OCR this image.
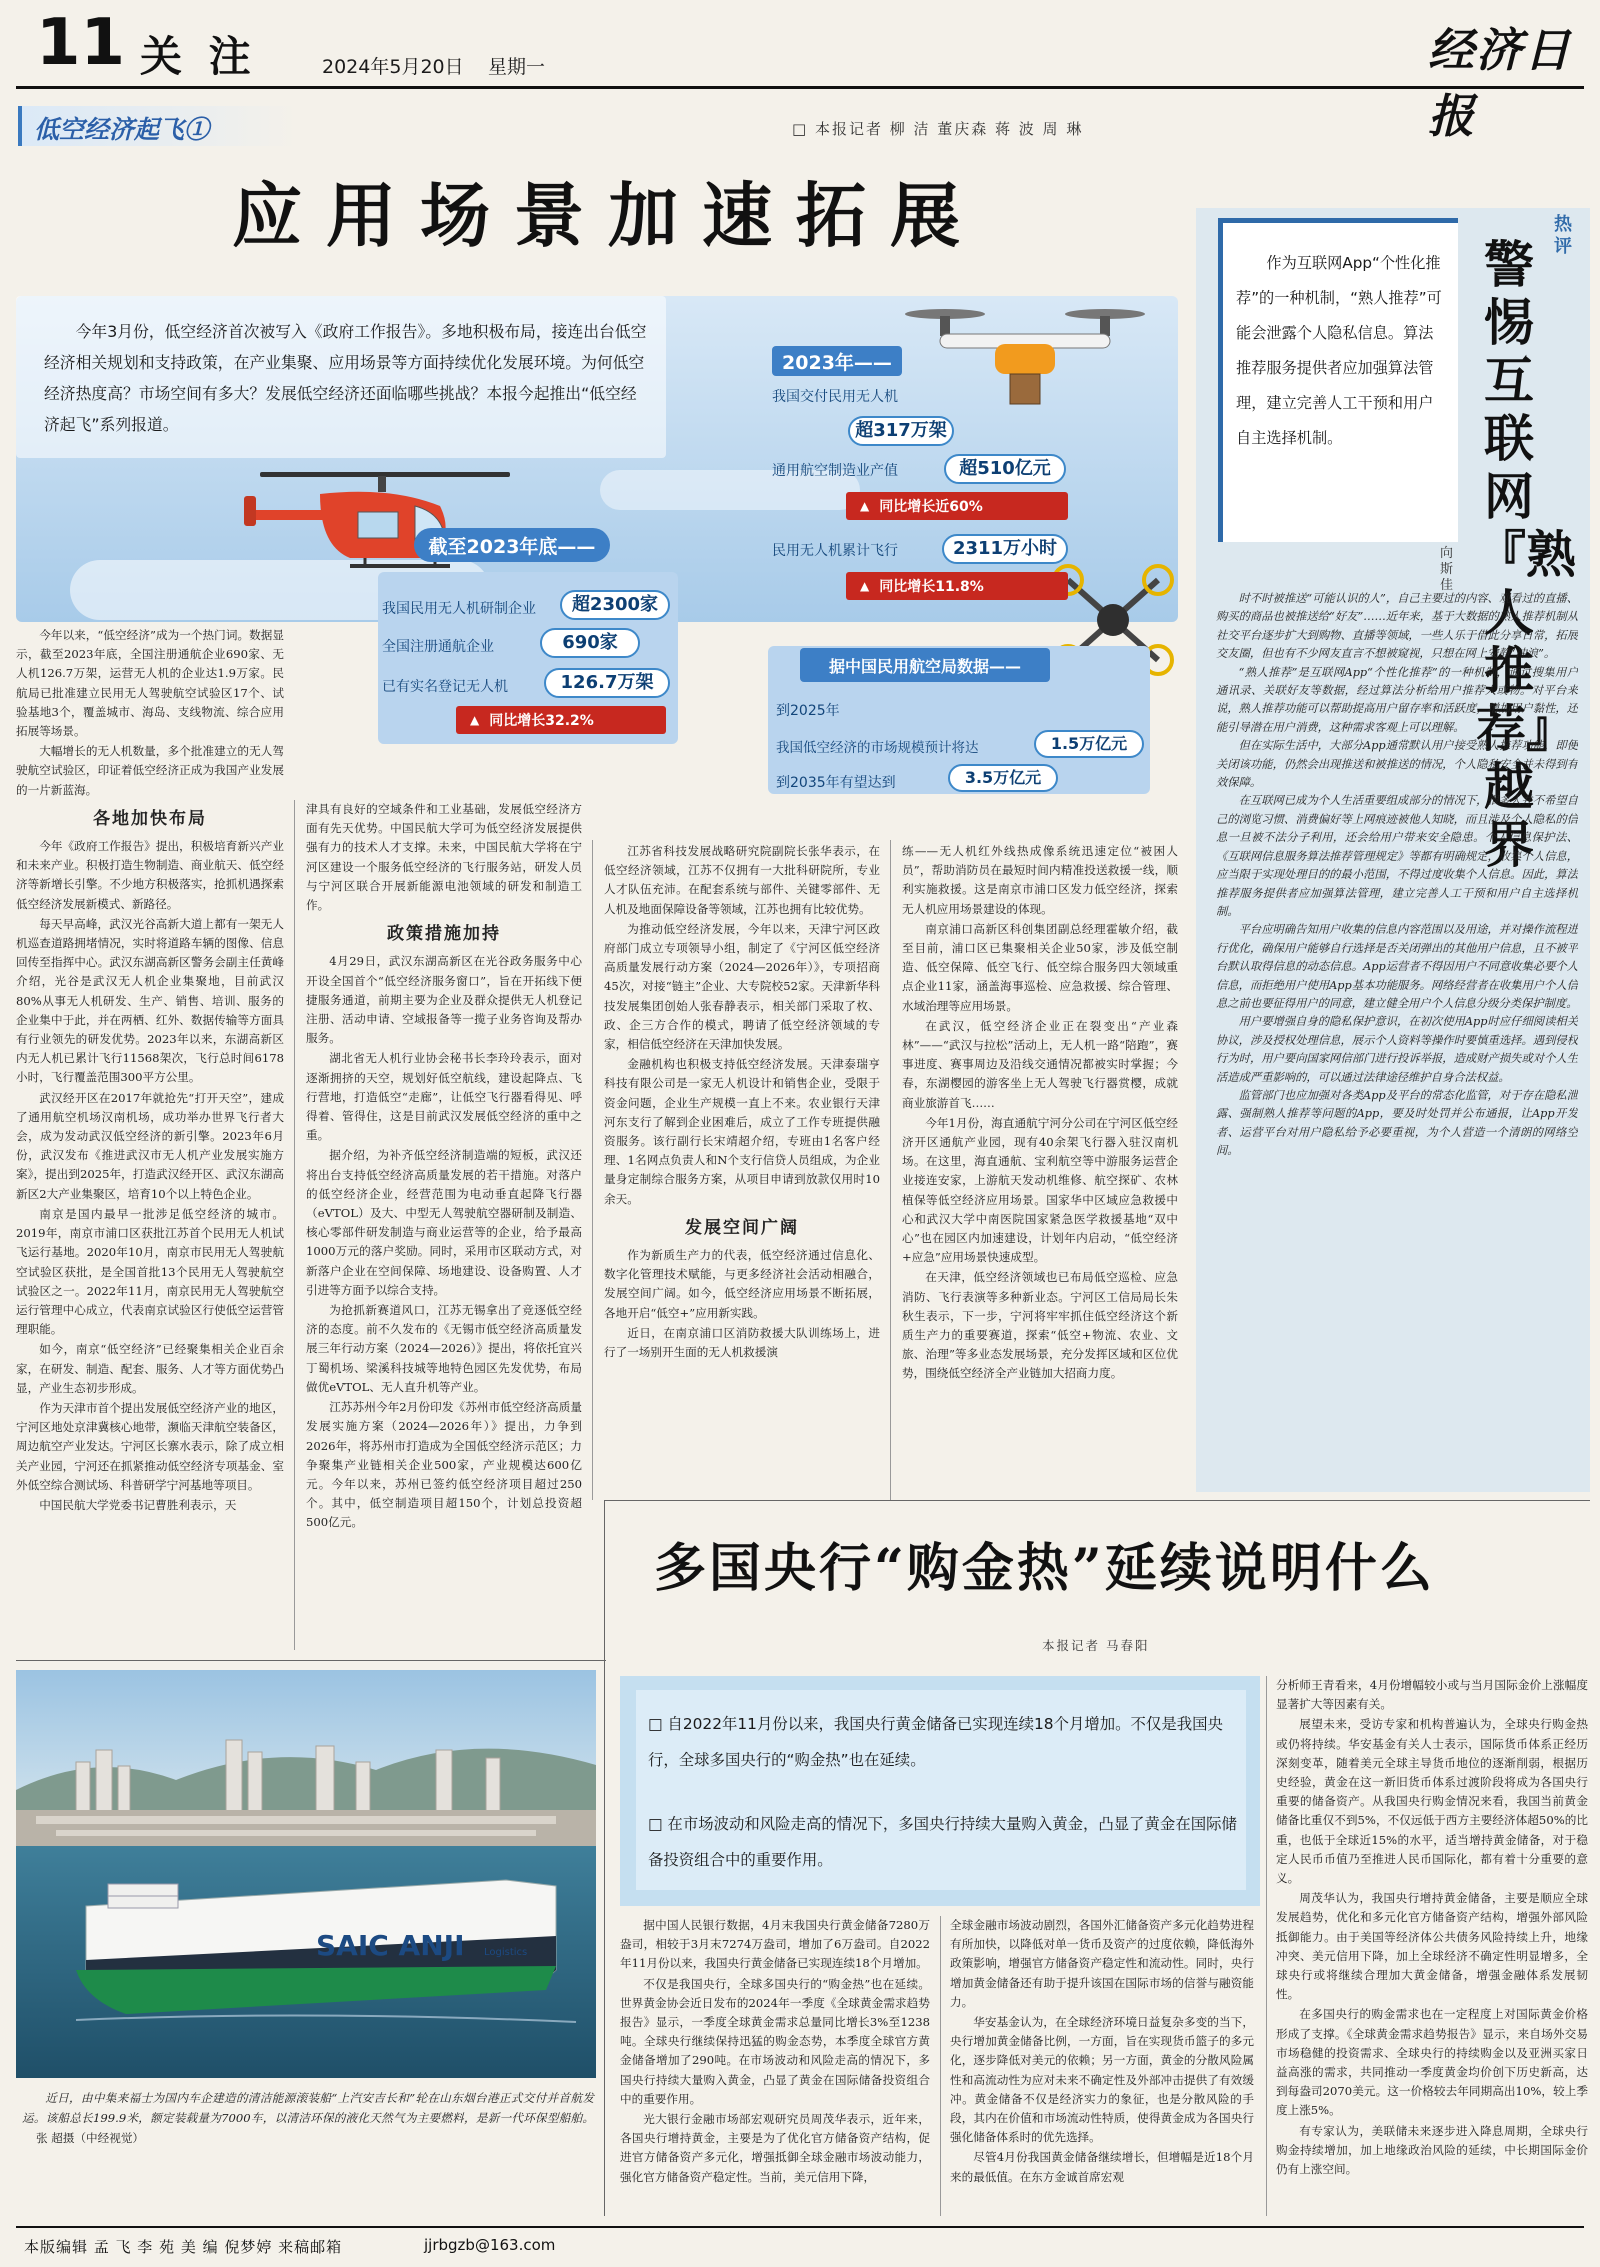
11 关 注	2024年5月20日 星期一	经济日报
低空经济起飞①	□ 本报记者 柳 洁 董庆森 蒋 波 周 琳
应用场景加速拓展
今年3月份，低空经济首次被写入《政府工作报告》。多地积极布局，接连出台低空经济相关规划和支持政策，在产业集聚、应用场景等方面持续优化发展环境。为何低空经济热度高？市场空间有多大？发展低空经济还面临哪些挑战？本报今起推出“低空经济起飞”系列报道。
2023年——
我国交付民用无人机
超317万架
通用航空制造业产值	超510亿元
▲ 同比增长近60%
民用无人机累计飞行	2311万小时
▲ 同比增长11.8%
截至2023年底——
我国民用无人机研制企业	超2300家
全国注册通航企业	690家
已有实名登记无人机	126.7万架
▲ 同比增长32.2%
据中国民用航空局数据——
到2025年
我国低空经济的市场规模预计将达	1.5万亿元
到2035年有望达到	3.5万亿元

今年以来，“低空经济”成为一个热门词。数据显示，截至2023年底，全国注册通航企业690家、无人机126.7万架，运营无人机的企业达1.9万家。民航局已批准建立民用无人驾驶航空试验区17个、试验基地3个，覆盖城市、海岛、支线物流、综合应用拓展等场景。

大幅增长的无人机数量，多个批准建立的无人驾驶航空试验区，印证着低空经济正成为我国产业发展的一片新蓝海。

各地加快布局

今年《政府工作报告》提出，积极培育新兴产业和未来产业。积极打造生物制造、商业航天、低空经济等新增长引擎。不少地方积极落实，抢抓机遇探索低空经济发展新模式、新路径。

每天早高峰，武汉光谷高新大道上都有一架无人机巡查道路拥堵情况，实时将道路车辆的图像、信息回传至指挥中心。武汉东湖高新区警务会副主任黄峰介绍，光谷是武汉无人机企业集聚地，目前武汉80%从事无人机研发、生产、销售、培训、服务的企业集中于此，并在两栖、红外、数据传输等方面具有行业领先的研发优势。2023年以来，东湖高新区内无人机已累计飞行11568架次，飞行总时间6178小时，飞行覆盖范围300平方公里。

武汉经开区在2017年就抢先“打开天空”，建成了通用航空机场汉南机场，成功举办世界飞行者大会，成为发动武汉低空经济的新引擎。2023年6月份，武汉发布《推进武汉市无人机产业发展实施方案》，提出到2025年，打造武汉经开区、武汉东湖高新区2大产业集聚区，培育10个以上特色企业。

南京是国内最早一批涉足低空经济的城市。2019年，南京市浦口区获批江苏首个民用无人机试飞运行基地。2020年10月，南京市民用无人驾驶航空试验区获批，是全国首批13个民用无人驾驶航空试验区之一。2022年11月，南京民用无人驾驶航空运行管理中心成立，代表南京试验区行使低空运营管理职能。

如今，南京“低空经济”已经聚集相关企业百余家，在研发、制造、配套、服务、人才等方面优势凸显，产业生态初步形成。

作为天津市首个提出发展低空经济产业的地区，宁河区地处京津冀核心地带，濒临天津航空装备区，周边航空产业发达。宁河区长寨水表示，除了成立相关产业园，宁河还在抓紧推动低空经济专项基金、室外低空综合测试场、科普研学宁河基地等项目。

中国民航大学党委书记曹胜利表示，天

津具有良好的空域条件和工业基础，发展低空经济方面有先天优势。中国民航大学可为低空经济发展提供强有力的技术人才支撑。未来，中国民航大学将在宁河区建设一个服务低空经济的飞行服务站，研发人员与宁河区联合开展新能源电池领域的研发和制造工作。

政策措施加持

4月29日，武汉东湖高新区在光谷政务服务中心开设全国首个“低空经济服务窗口”，旨在开拓线下便捷服务通道，前期主要为企业及群众提供无人机登记注册、活动申请、空域报备等一揽子业务咨询及帮办服务。

湖北省无人机行业协会秘书长李玲玲表示，面对逐渐拥挤的天空，规划好低空航线，建设起降点、飞行营地，打造低空“走廊”，让低空飞行器看得见、呼得着、管得住，这是目前武汉发展低空经济的重中之重。

据介绍，为补齐低空经济制造端的短板，武汉还将出台支持低空经济高质量发展的若干措施。对落户的低空经济企业，经营范围为电动垂直起降飞行器（eVTOL）及大、中型无人驾驶航空器研制及制造、核心零部件研发制造与商业运营等的企业，给予最高1000万元的落户奖励。同时，采用市区联动方式，对新落户企业在空间保障、场地建设、设备购置、人才引进等方面予以综合支持。

为抢抓新赛道风口，江苏无锡拿出了竞逐低空经济的态度。前不久发布的《无锡市低空经济高质量发展三年行动方案（2024—2026）》提出，将依托宜兴丁蜀机场、梁溪科技城等地特色园区先发优势，布局做优eVTOL、无人直升机等产业。

江苏苏州今年2月份印发《苏州市低空经济高质量发展实施方案（2024—2026年）》提出，力争到2026年，将苏州市打造成为全国低空经济示范区；力争聚集产业链相关企业500家，产业规模达600亿元。今年以来，苏州已签约低空经济项目超过250个。其中，低空制造项目超150个，计划总投资超500亿元。

江苏省科技发展战略研究院副院长张华表示，在低空经济领域，江苏不仅拥有一大批科研院所，专业人才队伍充沛。在配套系统与部件、关键零部件、无人机及地面保障设备等领域，江苏也拥有比较优势。

为推动低空经济发展，今年以来，天津宁河区政府部门成立专项领导小组，制定了《宁河区低空经济高质量发展行动方案（2024—2026年）》，专项招商45次，对接“链主”企业、大专院校52家。天津新华科技发展集团创始人张春静表示，相关部门采取了枚、政、企三方合作的模式，聘请了低空经济领域的专家，相信低空经济在天津加快发展。

金融机构也积极支持低空经济发展。天津泰瑞亨科技有限公司是一家无人机设计和销售企业，受限于资金问题，企业生产规模一直上不来。农业银行天津河东支行了解到企业困难后，成立了工作专班提供融资服务。该行副行长宋靖超介绍，专班由1名客户经理、1名网点负责人和N个支行信贷人员组成，为企业量身定制综合服务方案，从项目申请到放款仅用时10余天。

发展空间广阔

作为新质生产力的代表，低空经济通过信息化、数字化管理技术赋能，与更多经济社会活动相融合，发展空间广阔。如今，低空经济应用场景不断拓展，各地开启“低空+”应用新实践。

近日，在南京浦口区消防救援大队训练场上，进行了一场别开生面的无人机救援演

练——无人机红外线热成像系统迅速定位“被困人员”，帮助消防员在最短时间内精准投送救援一线，顺利实施救援。这是南京市浦口区发力低空经济，探索无人机应用场景建设的体现。

南京浦口高新区科创集团副总经理霍敏介绍，截至目前，浦口区已集聚相关企业50家，涉及低空制造、低空保障、低空飞行、低空综合服务四大领域重点企业11家，涵盖海事巡检、应急救援、综合管理、水域治理等应用场景。

在武汉，低空经济企业正在裂变出“产业森林”——“武汉与拉松”活动上，无人机一路“陪跑”，赛事进度、赛事周边及沿线交通情况都被实时掌握；今春，东湖樱园的游客坐上无人驾驶飞行器赏樱，成就商业旅游首飞……

今年1月份，海直通航宁河分公司在宁河区低空经济开区通航产业园，现有40余架飞行器入驻汉南机场。在这里，海直通航、宝利航空等中游服务运营企业接连安家，上游航天发动机维修、航空探矿、农林植保等低空经济应用场景。国家华中区域应急救援中心和武汉大学中南医院国家紧急医学救援基地“双中心”也在园区内加速建设，计划年内启动，“低空经济+应急”应用场景快速成型。

在天津，低空经济领域也已布局低空巡检、应急消防、飞行表演等多种新业态。宁河区工信局局长朱秋生表示，下一步，宁河将牢牢抓住低空经济这个新质生产力的重要赛道，探索“低空+物流、农业、文旅、治理”等多业态发展场景，充分发挥区域和区位优势，围绕低空经济全产业链加大招商力度。

作为互联网App“个性化推荐”的一种机制，“熟人推荐”可能会泄露个人隐私信息。算法推荐服务提供者应加强算法管理，建立完善人工干预和用户自主选择机制。
热评
警惕互联网『熟人推荐』越界
向斯佳

时不时被推送“可能认识的人”，自己主要过的内容、观看过的直播、购买的商品也被推送给“好友”……近年来，基于大数据的熟人推荐机制从社交平台逐步扩大到购物、直播等领域，一些人乐于借此分享日常，拓展交友圈，但也有不少网友直言不想被窥视，只想在网上安静“冲浪”。

“熟人推荐”是互联网App“个性化推荐”的一种机制，通过搜集用户通讯录、关联好友等数据，经过算法分析给用户推荐人或物。对平台来说，熟人推荐功能可以帮助提高用户留存率和活跃度，增加用户黏性，还能引导潜在用户消费，这种需求客观上可以理解。

但在实际生活中，大部分App通常默认用户接受熟人推荐功能，即便关闭该功能，仍然会出现推送和被推送的情况，个人隐私安全并未得到有效保障。

在互联网已成为个人生活重要组成部分的情况下，很多人并不希望自己的浏览习惯、消费偏好等上网痕迹被他人知晓，而且涉及个人隐私的信息一旦被不法分子利用，还会给用户带来安全隐患。个人信息保护法、《互联网信息服务算法推荐管理规定》等都有明确规定，收集个人信息，应当限于实现处理目的的最小范围，不得过度收集个人信息。因此，算法推荐服务提供者应加强算法管理，建立完善人工干预和用户自主选择机制。

平台应明确告知用户收集的信息内容范围以及用途，并对操作流程进行优化，确保用户能够自行选择是否关闭弹出的其他用户信息，且不被平台默认取得信息的动态信息。App运营者不得因用户不同意收集必要个人信息，而拒绝用户使用App基本功能服务。网络经营者在收集用户个人信息之前也要征得用户的同意，建立健全用户个人信息分级分类保护制度。

用户要增强自身的隐私保护意识，在初次使用App时应仔细阅读相关协议，涉及授权处理信息，展示个人资料等操作时要慎重选择。遇到侵权行为时，用户要向国家网信部门进行投诉举报，造成财产损失或对个人生活造成严重影响的，可以通过法律途径维护自身合法权益。

监管部门也应加强对各类App及平台的常态化监管，对于存在隐私泄露、强制熟人推荐等问题的App，要及时处罚并公布通报，让App开发者、运营平台对用户隐私给予必要重视，为个人营造一个清朗的网络空间。

SAIC ANJI Logistics
近日，由中集来福士为国内车企建造的清洁能源滚装船“上汽安吉长和”轮在山东烟台港正式交付并首航发运。该船总长199.9米，额定装载量为7000车，以清洁环保的液化天然气为主要燃料，是新一代环保型船舶。 张 超摄（中经视觉）
多国央行“购金热”延续说明什么
本报记者 马春阳
□ 自2022年11月份以来，我国央行黄金储备已实现连续18个月增加。不仅是我国央行，全球多国央行的“购金热”也在延续。
□ 在市场波动和风险走高的情况下，多国央行持续大量购入黄金，凸显了黄金在国际储备投资组合中的重要作用。

据中国人民银行数据，4月末我国央行黄金储备7280万盎司，相较于3月末7274万盎司，增加了6万盎司。自2022年11月份以来，我国央行黄金储备已实现连续18个月增加。

不仅是我国央行，全球多国央行的“购金热”也在延续。世界黄金协会近日发布的2024年一季度《全球黄金需求趋势报告》显示，一季度全球黄金需求总量同比增长3%至1238吨。全球央行继续保持迅猛的购金态势，本季度全球官方黄金储备增加了290吨。在市场波动和风险走高的情况下，多国央行持续大量购入黄金，凸显了黄金在国际储备投资组合中的重要作用。

光大银行金融市场部宏观研究员周茂华表示，近年来，各国央行增持黄金，主要是为了优化官方储备资产结构，促进官方储备资产多元化，增强抵御全球金融市场波动能力，强化官方储备资产稳定性。当前，美元信用下降，

全球金融市场波动剧烈，各国外汇储备资产多元化趋势进程有所加快，以降低对单一货币及资产的过度依赖，降低海外政策影响，增强官方储备资产稳定性和流动性。同时，央行增加黄金储备还有助于提升该国在国际市场的信誉与融资能力。

华安基金认为，在全球经济环境日益复杂多变的当下，央行增加黄金储备比例，一方面，旨在实现货币篮子的多元化，逐步降低对美元的依赖；另一方面，黄金的分散风险属性和高流动性为应对未来不确定性及外部冲击提供了有效缓冲。黄金储备不仅是经济实力的象征，也是分散风险的手段，其内在价值和市场流动性特质，使得黄金成为各国央行强化储备体系时的优先选择。

尽管4月份我国黄金储备继续增长，但增幅是近18个月来的最低值。在东方金诚首席宏观

分析师王青看来，4月份增幅较小或与当月国际金价上涨幅度显著扩大等因素有关。

展望未来，受访专家和机构普遍认为，全球央行购金热或仍将持续。华安基金有关人士表示，国际货币体系正经历深刻变革，随着美元全球主导货币地位的逐渐削弱，根据历史经验，黄金在这一新旧货币体系过渡阶段将成为各国央行重要的储备资产。从我国央行购金情况来看，我国当前黄金储备比重仅不到5%，不仅远低于西方主要经济体超50%的比重，也低于全球近15%的水平，适当增持黄金储备，对于稳定人民币币值乃至推进人民币国际化，都有着十分重要的意义。

周茂华认为，我国央行增持黄金储备，主要是顺应全球发展趋势，优化和多元化官方储备资产结构，增强外部风险抵御能力。由于美国等经济体公共债务风险持续上升，地缘冲突、美元信用下降，加上全球经济不确定性明显增多，全球央行或将继续合理加大黄金储备，增强金融体系发展韧性。

在多国央行的购金需求也在一定程度上对国际黄金价格形成了支撑。《全球黄金需求趋势报告》显示，来自场外交易市场稳健的投资需求、全球央行的持续购金以及亚洲买家日益高涨的需求，共同推动一季度黄金均价创下历史新高，达到每盎司2070美元。这一价格较去年同期高出10%，较上季度上涨5%。

有专家认为，美联储未来逐步进入降息周期，全球央行购金持续增加，加上地缘政治风险的延续，中长期国际金价仍有上涨空间。

本版编辑 孟 飞 李 苑 美 编 倪梦婷 来稿邮箱	jjrbgzb@163.com
